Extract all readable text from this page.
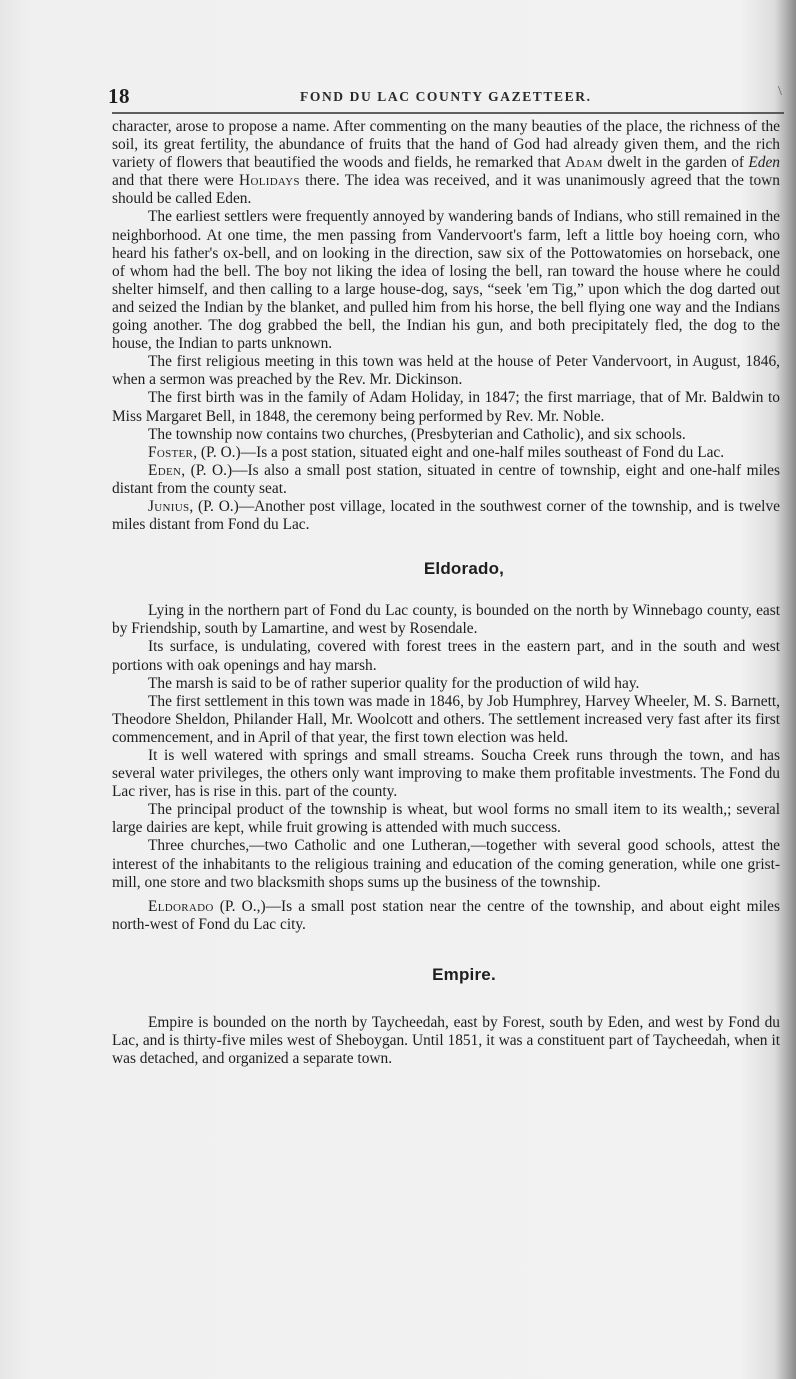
18	FOND DU LAC COUNTY GAZETTEER.	\

character, arose to propose a name. After commenting on the many beauties of the place, the richness of the soil, its great fertility, the abundance of fruits that the hand of God had already given them, and the rich variety of flowers that beautified the woods and fields, he remarked that Adam dwelt in the garden of Eden and that there were Holidays there. The idea was received, and it was unanimously agreed that the town should be called Eden.

The earliest settlers were frequently annoyed by wandering bands of Indians, who still remained in the neighborhood. At one time, the men passing from Vandervoort's farm, left a little boy hoeing corn, who heard his father's ox-bell, and on looking in the direction, saw six of the Pottowatomies on horseback, one of whom had the bell. The boy not liking the idea of losing the bell, ran toward the house where he could shelter himself, and then calling to a large house-dog, says, “seek 'em Tig,” upon which the dog darted out and seized the Indian by the blanket, and pulled him from his horse, the bell flying one way and the Indians going another. The dog grabbed the bell, the Indian his gun, and both precipitately fled, the dog to the house, the Indian to parts unknown.

The first religious meeting in this town was held at the house of Peter Vandervoort, in August, 1846, when a sermon was preached by the Rev. Mr. Dickinson.

The first birth was in the family of Adam Holiday, in 1847; the first marriage, that of Mr. Baldwin to Miss Margaret Bell, in 1848, the ceremony being performed by Rev. Mr. Noble.

The township now contains two churches, (Presbyterian and Catholic), and six schools.

Foster, (P. O.)—Is a post station, situated eight and one-half miles southeast of Fond du Lac.

Eden, (P. O.)—Is also a small post station, situated in centre of township, eight and one-half miles distant from the county seat.

Junius, (P. O.)—Another post village, located in the southwest corner of the township, and is twelve miles distant from Fond du Lac.

Eldorado,

Lying in the northern part of Fond du Lac county, is bounded on the north by Winnebago county, east by Friendship, south by Lamartine, and west by Rosendale.

Its surface, is undulating, covered with forest trees in the eastern part, and in the south and west portions with oak openings and hay marsh.

The marsh is said to be of rather superior quality for the production of wild hay.

The first settlement in this town was made in 1846, by Job Humphrey, Harvey Wheeler, M. S. Barnett, Theodore Sheldon, Philander Hall, Mr. Woolcott and others. The settlement increased very fast after its first commencement, and in April of that year, the first town election was held.

It is well watered with springs and small streams. Soucha Creek runs through the town, and has several water privileges, the others only want improving to make them profitable investments. The Fond du Lac river, has is rise in this. part of the county.

The principal product of the township is wheat, but wool forms no small item to its wealth,; several large dairies are kept, while fruit growing is attended with much success.

Three churches,—two Catholic and one Lutheran,—together with several good schools, attest the interest of the inhabitants to the religious training and education of the coming generation, while one grist-mill, one store and two blacksmith shops sums up the business of the township.

Eldorado (P. O.,)—Is a small post station near the centre of the township, and about eight miles north-west of Fond du Lac city.

Empire.

Empire is bounded on the north by Taycheedah, east by Forest, south by Eden, and west by Fond du Lac, and is thirty-five miles west of Sheboygan. Until 1851, it was a constituent part of Taycheedah, when it was detached, and organized a separate town.
